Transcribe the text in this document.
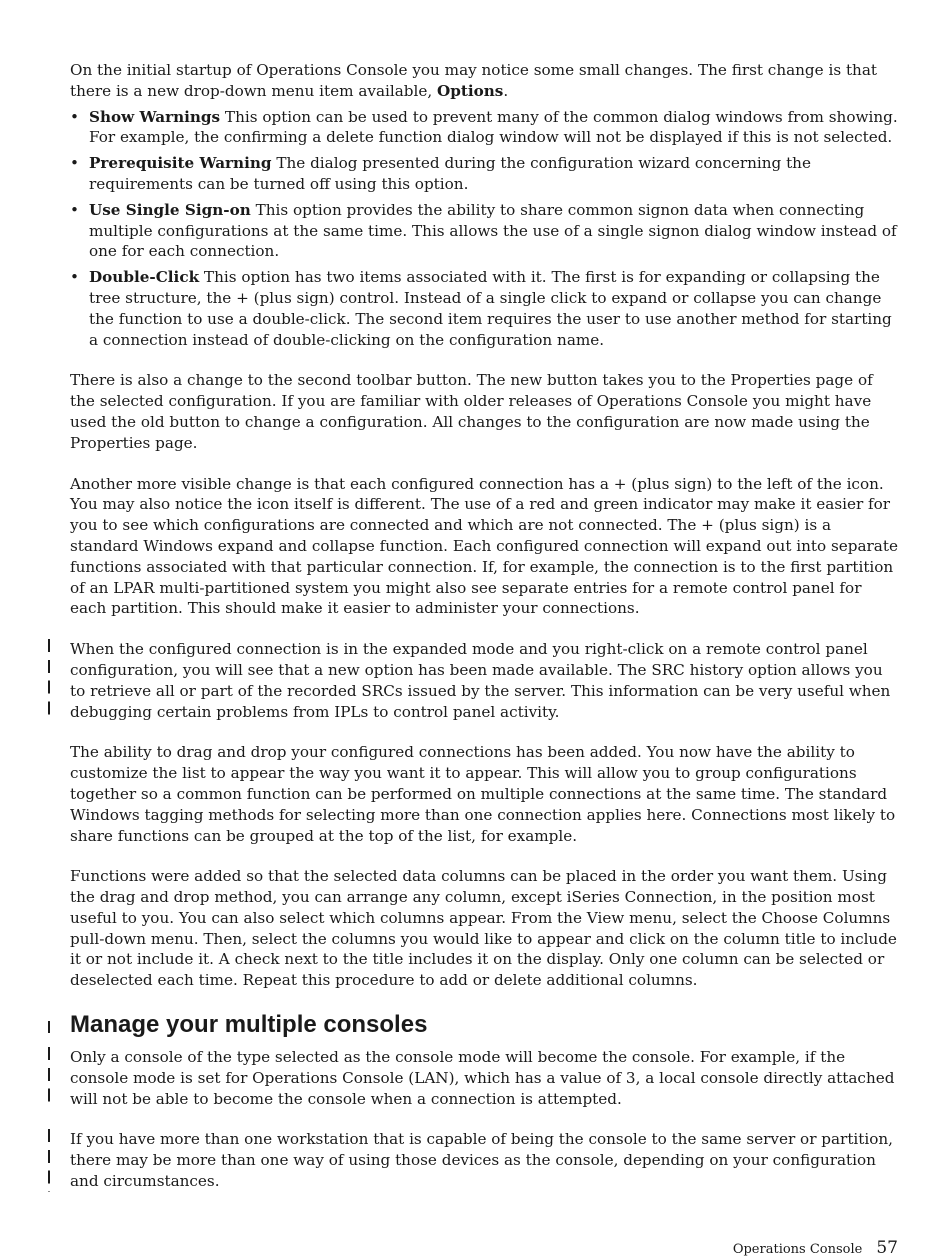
On the initial startup of Operations Console you may notice some small changes. The first change is that there is a new drop-down menu item available, Options.

• Show Warnings This option can be used to prevent many of the common dialog windows from showing. For example, the confirming a delete function dialog window will not be displayed if this is not selected.
• Prerequisite Warning The dialog presented during the configuration wizard concerning the requirements can be turned off using this option.
• Use Single Sign-on This option provides the ability to share common signon data when connecting multiple configurations at the same time. This allows the use of a single signon dialog window instead of one for each connection.
• Double-Click This option has two items associated with it. The first is for expanding or collapsing the tree structure, the + (plus sign) control. Instead of a single click to expand or collapse you can change the function to use a double-click. The second item requires the user to use another method for starting a connection instead of double-clicking on the configuration name.

There is also a change to the second toolbar button. The new button takes you to the Properties page of the selected configuration. If you are familiar with older releases of Operations Console you might have used the old button to change a configuration. All changes to the configuration are now made using the Properties page.

Another more visible change is that each configured connection has a + (plus sign) to the left of the icon. You may also notice the icon itself is different. The use of a red and green indicator may make it easier for you to see which configurations are connected and which are not connected. The + (plus sign) is a standard Windows expand and collapse function. Each configured connection will expand out into separate functions associated with that particular connection. If, for example, the connection is to the first partition of an LPAR multi-partitioned system you might also see separate entries for a remote control panel for each partition. This should make it easier to administer your connections.

When the configured connection is in the expanded mode and you right-click on a remote control panel configuration, you will see that a new option has been made available. The SRC history option allows you to retrieve all or part of the recorded SRCs issued by the server. This information can be very useful when debugging certain problems from IPLs to control panel activity.

The ability to drag and drop your configured connections has been added. You now have the ability to customize the list to appear the way you want it to appear. This will allow you to group configurations together so a common function can be performed on multiple connections at the same time. The standard Windows tagging methods for selecting more than one connection applies here. Connections most likely to share functions can be grouped at the top of the list, for example.

Functions were added so that the selected data columns can be placed in the order you want them. Using the drag and drop method, you can arrange any column, except iSeries Connection, in the position most useful to you. You can also select which columns appear. From the View menu, select the Choose Columns pull-down menu. Then, select the columns you would like to appear and click on the column title to include it or not include it. A check next to the title includes it on the display. Only one column can be selected or deselected each time. Repeat this procedure to add or delete additional columns.

Manage your multiple consoles

Only a console of the type selected as the console mode will become the console. For example, if the console mode is set for Operations Console (LAN), which has a value of 3, a local console directly attached will not be able to become the console when a connection is attempted.

If you have more than one workstation that is capable of being the console to the same server or partition, there may be more than one way of using those devices as the console, depending on your configuration and circumstances.

Operations Console 57
